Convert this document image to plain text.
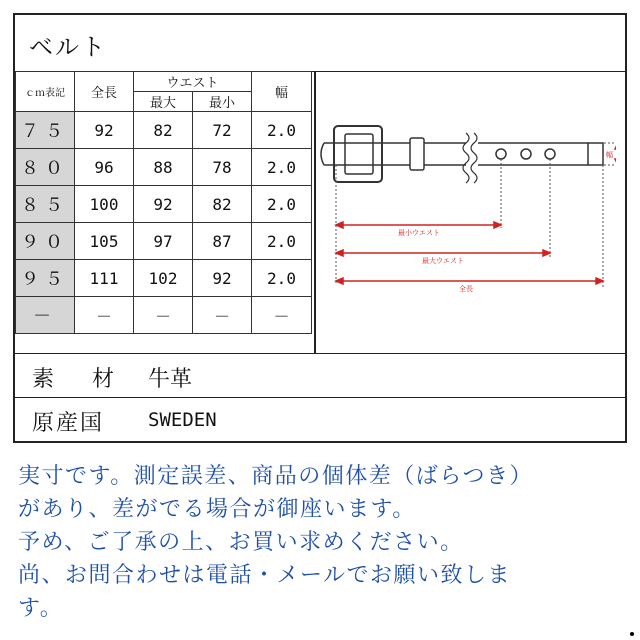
ベルト
ｃｍ表記	全長	ウエスト		幅
		最大	最小	
７５	92	82	72	2.0
８０	96	88	78	2.0
８５	100	92	82	2.0
９０	105	97	87	2.0
９５	111	102	92	2.0
－	－	－	－	－
最小ウエスト
最大ウエスト
全長
幅
素　材 牛革
原産国 SWEDEN
実寸です。測定誤差、商品の個体差（ばらつき）
があり、差がでる場合が御座います。
予め、ご了承の上、お買い求めください。
尚、お問合わせは電話・メールでお願い致しま
す。
